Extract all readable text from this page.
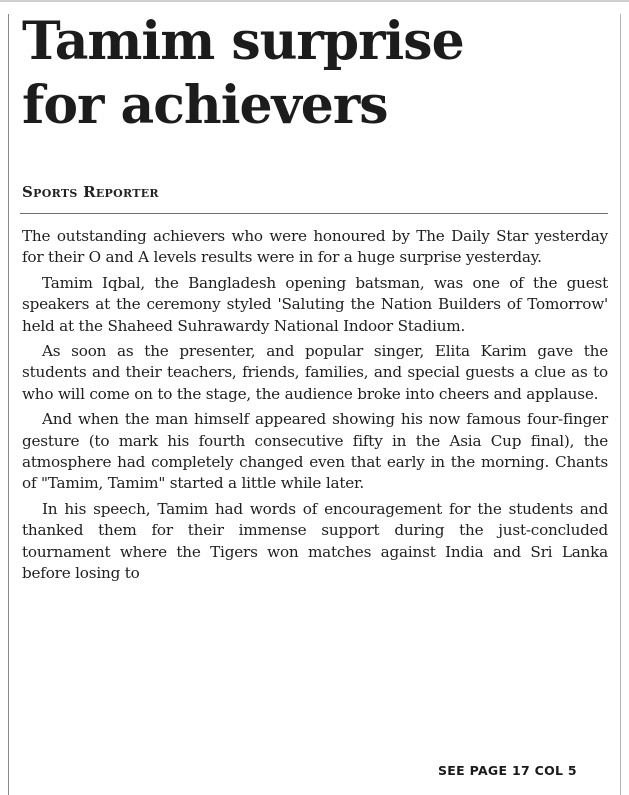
Tamim surprise
for achievers

Sports Reporter

The outstanding achievers who were honoured by The Daily Star yesterday for their O and A levels results were in for a huge surprise yesterday.

Tamim Iqbal, the Bangladesh opening batsman, was one of the guest speakers at the ceremony styled 'Saluting the Nation Builders of Tomorrow' held at the Shaheed Suhrawardy National Indoor Stadium.

As soon as the presenter, and popular singer, Elita Karim gave the students and their teachers, friends, families, and special guests a clue as to who will come on to the stage, the audience broke into cheers and applause.

And when the man himself appeared showing his now famous four-finger gesture (to mark his fourth consecutive fifty in the Asia Cup final), the atmosphere had completely changed even that early in the morning. Chants of "Tamim, Tamim" started a little while later.

In his speech, Tamim had words of encouragement for the students and thanked them for their immense support during the just-concluded tournament where the Tigers won matches against India and Sri Lanka before losing to

SEE PAGE 17 COL 5
